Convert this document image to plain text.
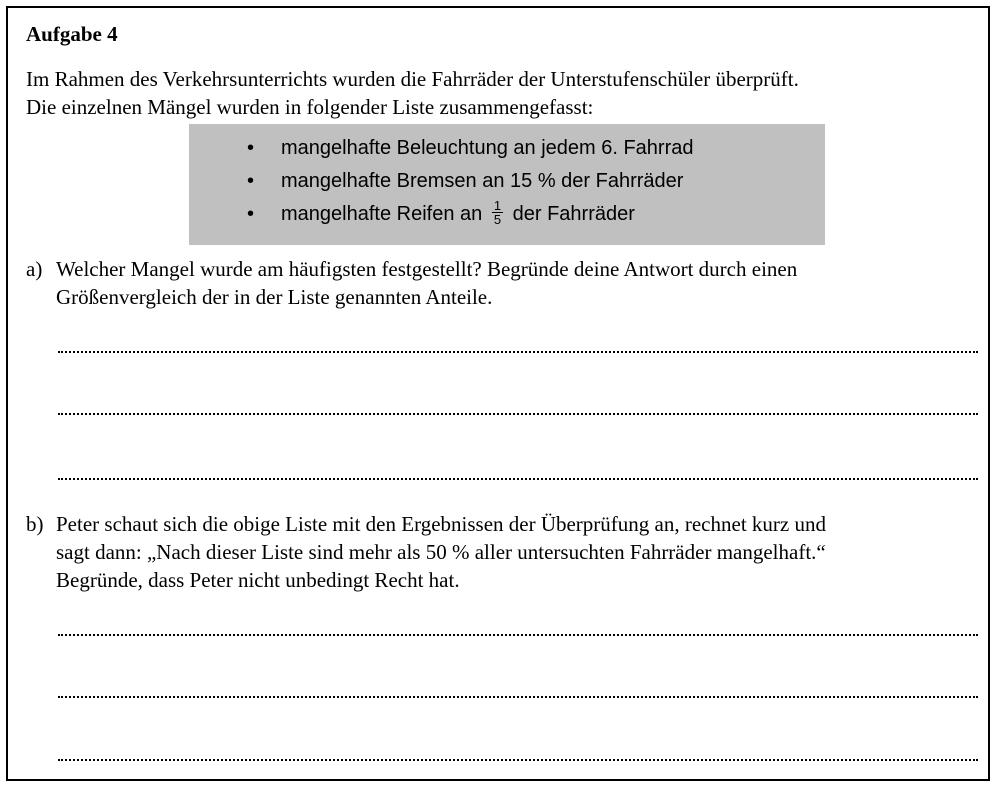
Aufgabe 4
Im Rahmen des Verkehrsunterrichts wurden die Fahrräder der Unterstufenschüler überprüft.
Die einzelnen Mängel wurden in folgender Liste zusammengefasst:
• mangelhafte Beleuchtung an jedem 6. Fahrrad
• mangelhafte Bremsen an 15 % der Fahrräder
• mangelhafte Reifen an $\frac{1}{5}$ der Fahrräder
a) Welcher Mangel wurde am häufigsten festgestellt? Begründe deine Antwort durch einen
Größenvergleich der in der Liste genannten Anteile.
b) Peter schaut sich die obige Liste mit den Ergebnissen der Überprüfung an, rechnet kurz und
sagt dann: „Nach dieser Liste sind mehr als 50 % aller untersuchten Fahrräder mangelhaft.“
Begründe, dass Peter nicht unbedingt Recht hat.
